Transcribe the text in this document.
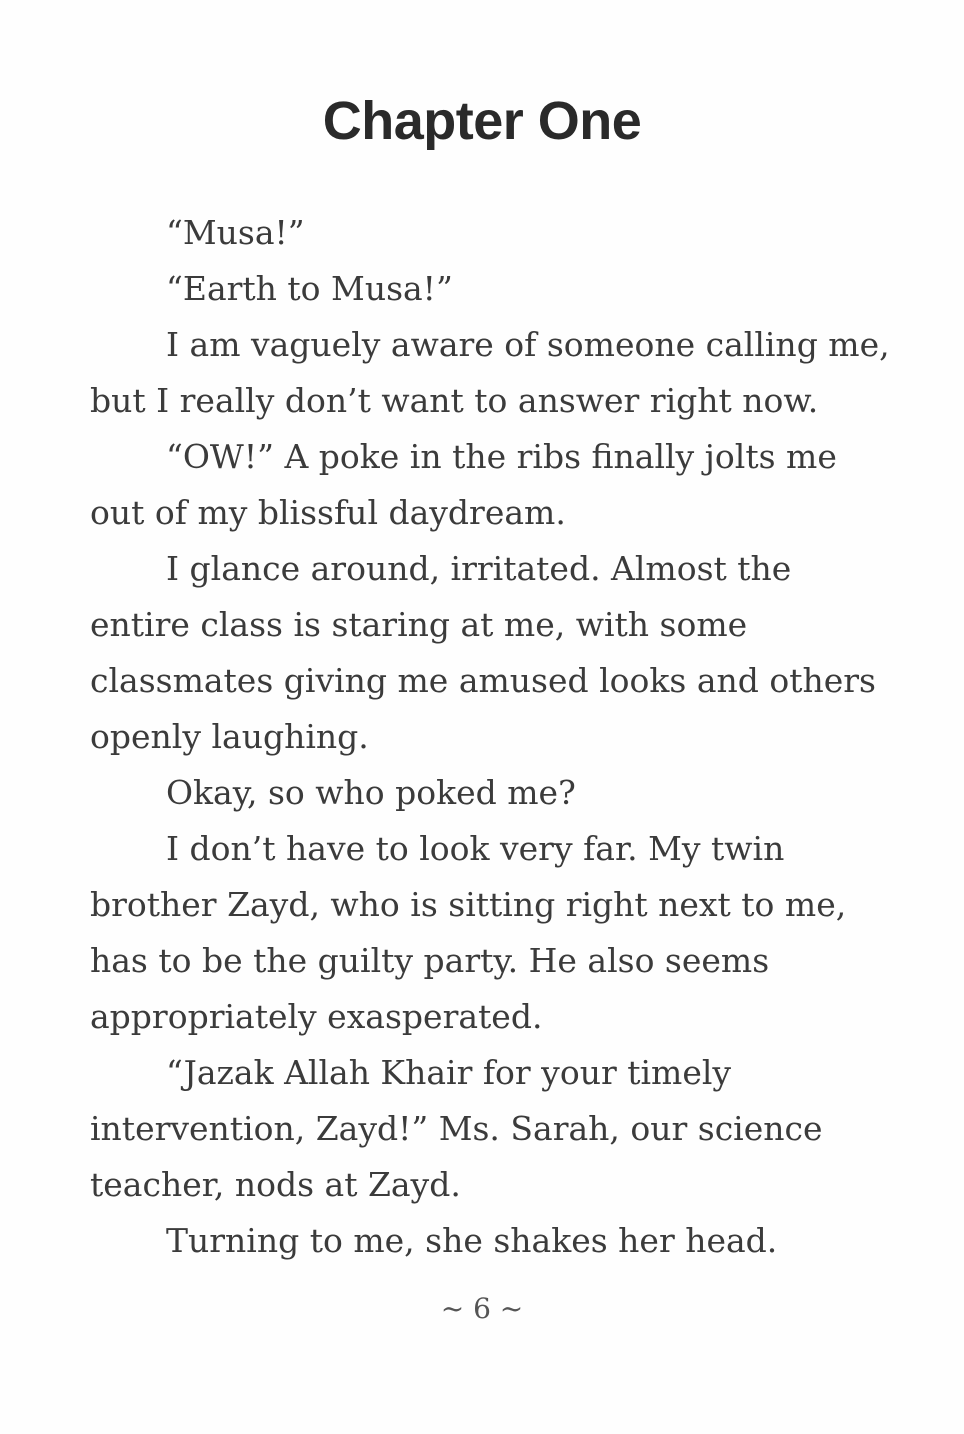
Chapter One

“Musa!”

“Earth to Musa!”

I am vaguely aware of someone calling me, but I really don’t want to answer right now.

“OW!” A poke in the ribs finally jolts me out of my blissful daydream.

I glance around, irritated. Almost the entire class is staring at me, with some classmates giving me amused looks and others openly laughing.

Okay, so who poked me?

I don’t have to look very far. My twin brother Zayd, who is sitting right next to me, has to be the guilty party. He also seems appropriately exasperated.

“Jazak Allah Khair for your timely intervention, Zayd!” Ms. Sarah, our science teacher, nods at Zayd.

Turning to me, she shakes her head.

~ 6 ~
